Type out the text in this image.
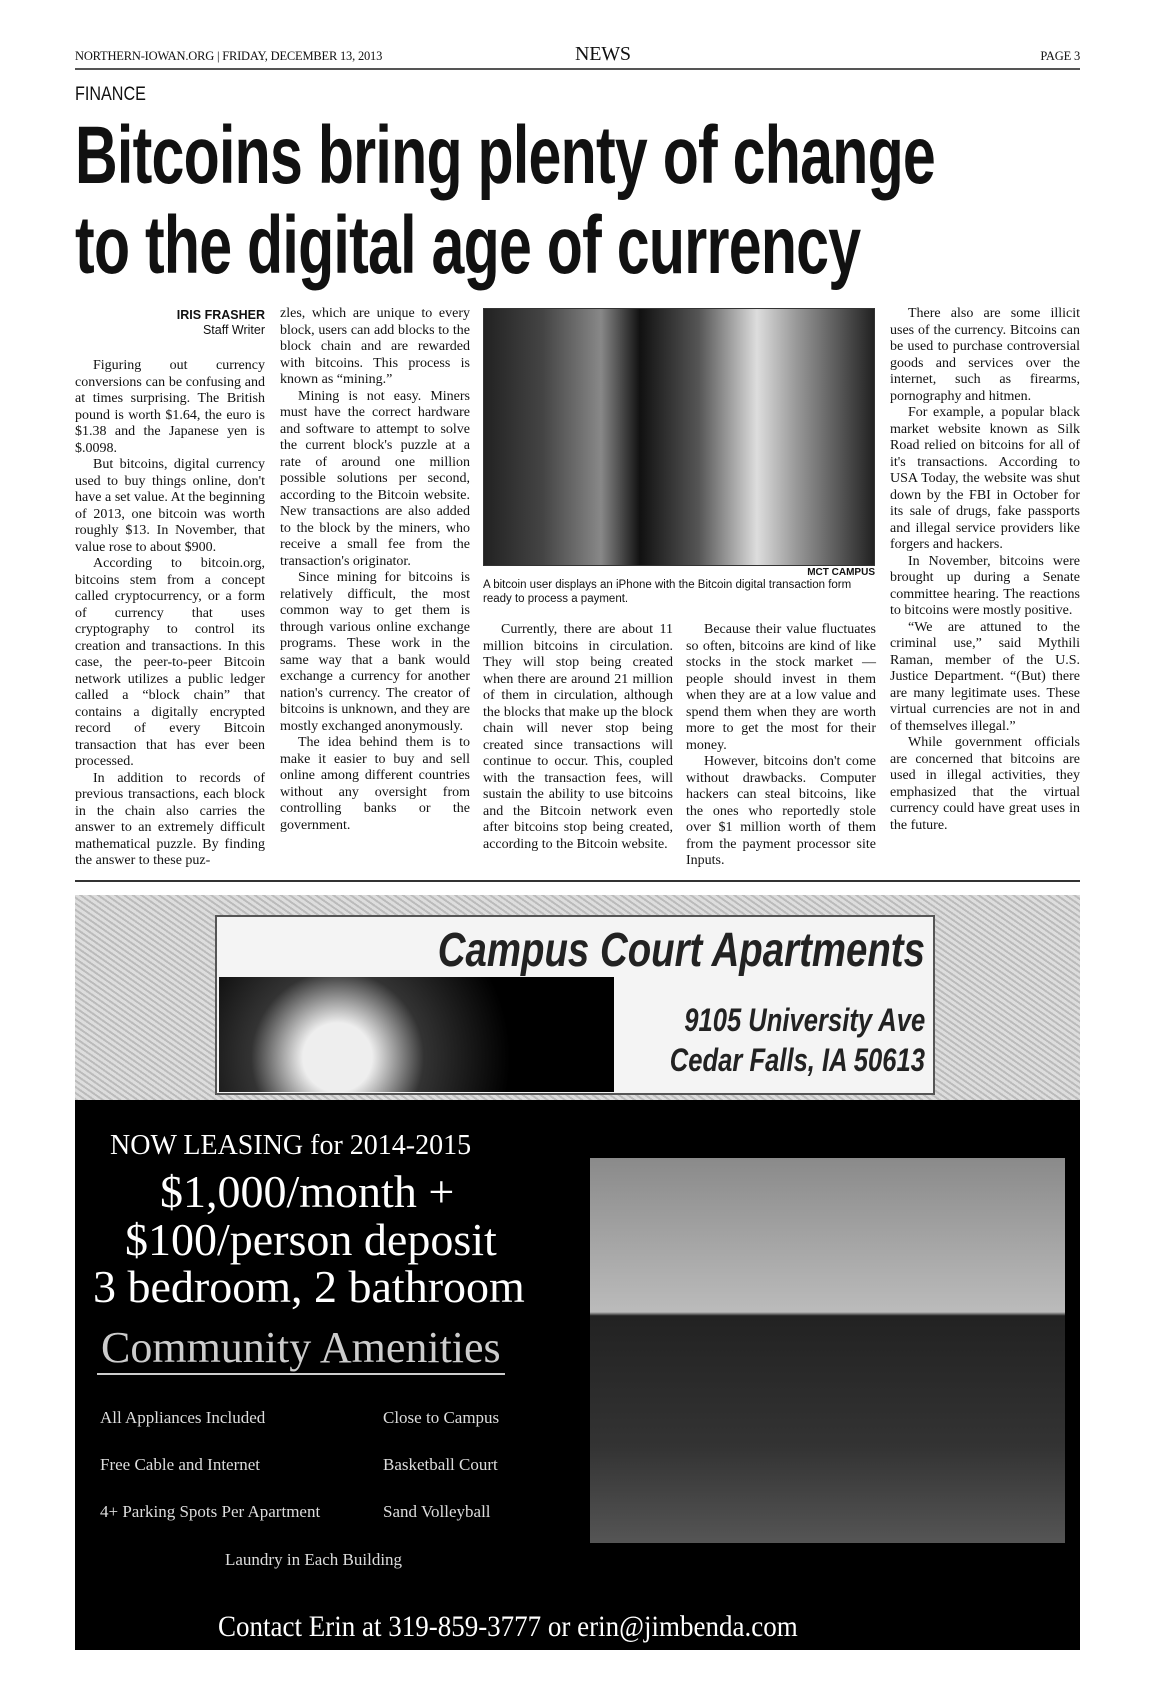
NORTHERN-IOWAN.ORG | FRIDAY, DECEMBER 13, 2013	NEWS	PAGE 3
FINANCE
Bitcoins bring plenty of change
to the digital age of currency
IRIS FRASHER
Staff Writer

Figuring out currency conversions can be confusing and at times surprising. The British pound is worth $1.64, the euro is $1.38 and the Japanese yen is $.0098.

But bitcoins, digital currency used to buy things online, don't have a set value. At the beginning of 2013, one bitcoin was worth roughly $13. In November, that value rose to about $900.

According to bitcoin.org, bitcoins stem from a concept called cryptocurrency, or a form of currency that uses cryptography to control its creation and transactions. In this case, the peer-to-peer Bitcoin network utilizes a public ledger called a “block chain” that contains a digitally encrypted record of every Bitcoin transaction that has ever been processed.

In addition to records of previous transactions, each block in the chain also carries the answer to an extremely difficult mathematical puzzle. By finding the answer to these puz-

zles, which are unique to every block, users can add blocks to the block chain and are rewarded with bitcoins. This process is known as “mining.”

Mining is not easy. Miners must have the correct hardware and software to attempt to solve the current block's puzzle at a rate of around one million possible solutions per second, according to the Bitcoin website. New transactions are also added to the block by the miners, who receive a small fee from the transaction's originator.

Since mining for bitcoins is relatively difficult, the most common way to get them is through various online exchange programs. These work in the same way that a bank would exchange a currency for another nation's currency. The creator of bitcoins is unknown, and they are mostly exchanged anonymously.

The idea behind them is to make it easier to buy and sell online among different countries without any oversight from controlling banks or the government.

MCT CAMPUS
A bitcoin user displays an iPhone with the Bitcoin digital transaction form ready to process a payment.

Currently, there are about 11 million bitcoins in circulation. They will stop being created when there are around 21 million of them in circulation, although the blocks that make up the block chain will never stop being created since transactions will continue to occur. This, coupled with the transaction fees, will sustain the ability to use bitcoins and the Bitcoin network even after bitcoins stop being created, according to the Bitcoin website.

Because their value fluctuates so often, bitcoins are kind of like stocks in the stock market — people should invest in them when they are at a low value and spend them when they are worth more to get the most for their money.

However, bitcoins don't come without drawbacks. Computer hackers can steal bitcoins, like the ones who reportedly stole over $1 million worth of them from the payment processor site Inputs.

There also are some illicit uses of the currency. Bitcoins can be used to purchase controversial goods and services over the internet, such as firearms, pornography and hitmen.

For example, a popular black market website known as Silk Road relied on bitcoins for all of it's transactions. According to USA Today, the website was shut down by the FBI in October for its sale of drugs, fake passports and illegal service providers like forgers and hackers.

In November, bitcoins were brought up during a Senate committee hearing. The reactions to bitcoins were mostly positive.

“We are attuned to the criminal use,” said Mythili Raman, member of the U.S. Justice Department. “(But) there are many legitimate uses. These virtual currencies are not in and of themselves illegal.”

While government officials are concerned that bitcoins are used in illegal activities, they emphasized that the virtual currency could have great uses in the future.

Campus Court Apartments
9105 University Ave
Cedar Falls, IA 50613
NOW LEASING for 2014-2015
$1,000/month +
$100/person deposit
3 bedroom, 2 bathroom
Community Amenities
All Appliances Included	Close to Campus
Free Cable and Internet	Basketball Court
4+ Parking Spots Per Apartment	Sand Volleyball
Laundry in Each Building
Contact Erin at 319-859-3777 or erin@jimbenda.com
